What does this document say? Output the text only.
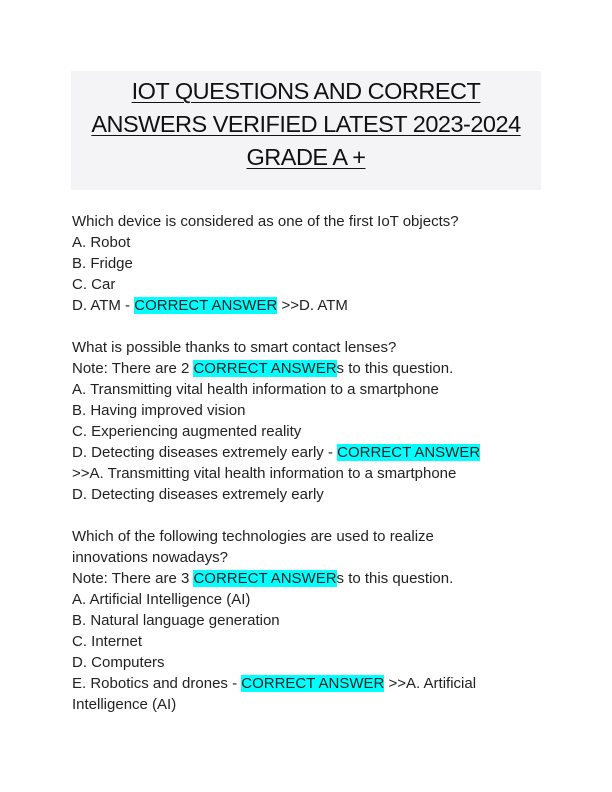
IOT QUESTIONS AND CORRECT
ANSWERS VERIFIED LATEST 2023-2024
GRADE A +
Which device is considered as one of the first IoT objects?
A. Robot
B. Fridge
C. Car
D. ATM - CORRECT ANSWER >>D. ATM
What is possible thanks to smart contact lenses?
Note: There are 2 CORRECT ANSWERs to this question.
A. Transmitting vital health information to a smartphone
B. Having improved vision
C. Experiencing augmented reality
D. Detecting diseases extremely early - CORRECT ANSWER
>>A. Transmitting vital health information to a smartphone
D. Detecting diseases extremely early
Which of the following technologies are used to realize
innovations nowadays?
Note: There are 3 CORRECT ANSWERs to this question.
A. Artificial Intelligence (AI)
B. Natural language generation
C. Internet
D. Computers
E. Robotics and drones - CORRECT ANSWER >>A. Artificial
Intelligence (AI)
